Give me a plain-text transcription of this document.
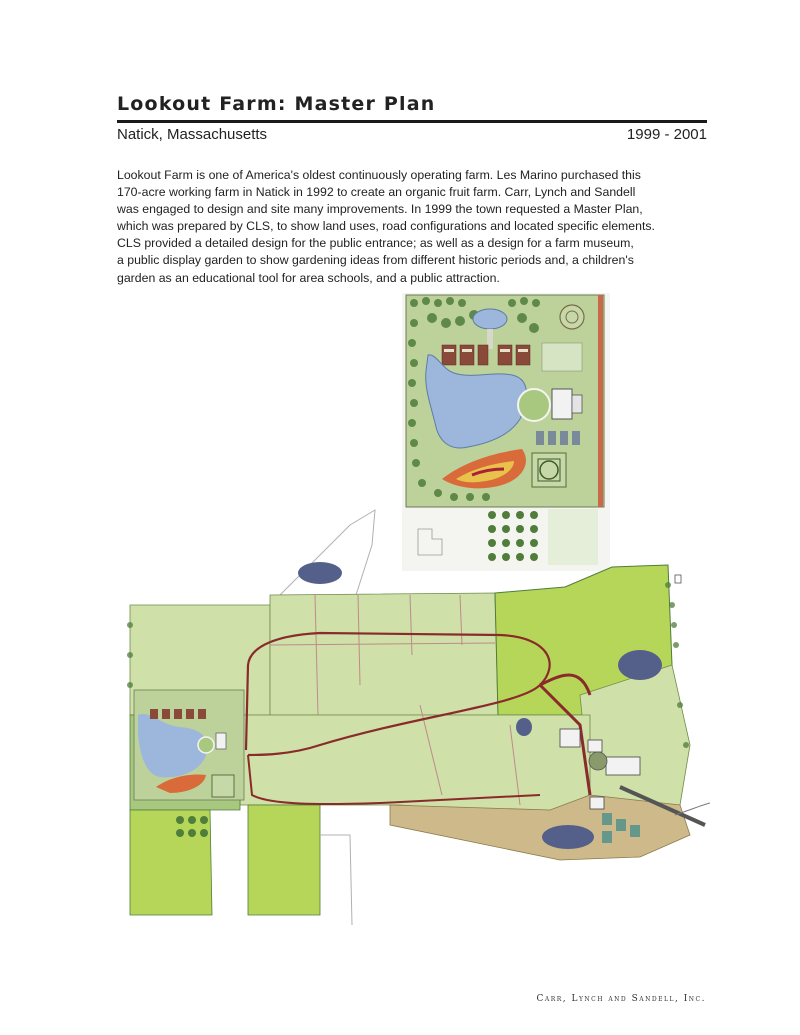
Lookout Farm: Master Plan
Natick, Massachusetts	1999 - 2001
Lookout Farm is one of America's oldest continuously operating farm. Les Marino purchased this
170-acre working farm in Natick in 1992 to create an organic fruit farm. Carr, Lynch and Sandell
was engaged to design and site many improvements. In 1999 the town requested a Master Plan,
which was prepared by CLS, to show land uses, road configurations and located specific elements.
CLS provided a detailed design for the public entrance; as well as a design for a farm museum,
a public display garden to show gardening ideas from different historic periods and, a children's
garden as an educational tool for area schools, and a public attraction.
Carr, Lynch and Sandell, Inc.
